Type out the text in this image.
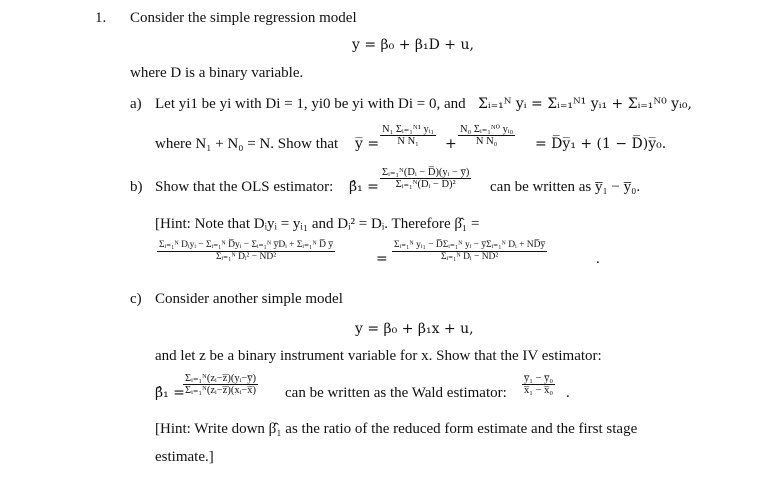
1. Consider the simple regression model
y = β₀ + β₁D + u,
where D is a binary variable.
a) Let yi1 be yi with Di = 1, yi0 be yi with Di = 0, and Σᵢ₌₁ᴺ yᵢ = Σᵢ₌₁ᴺ¹ yᵢ₁ + Σᵢ₌₁ᴺ⁰ yᵢ₀,
where N₁ + N₀ = N. Show that y̅ = $\frac{\text{N₁ Σᵢ₌₁ᴺ¹ yᵢ₁}}{\text{N N₁}} + \frac{\text{N₀ Σᵢ₌₁ᴺ⁰ yᵢ₀}}{\text{N N₀}}$ = D̅y̅₁ + (1 − D̅)y̅₀.
b) Show that the OLS estimator: β̂₁ = $\frac{\text{Σᵢ₌₁ᴺ(Dᵢ − D̅)(yᵢ − y̅)}}{\text{Σᵢ₌₁ᴺ(Dᵢ − D̅)²}}$ can be written as y̅₁ − y̅₀.
[Hint: Note that Dᵢyᵢ = yᵢ₁ and Dᵢ² = Dᵢ. Therefore β̂₁ =
$\frac{\text{Σᵢ₌₁ᴺ Dᵢyᵢ − Σᵢ₌₁ᴺ D̅yᵢ − Σᵢ₌₁ᴺ y̅Dᵢ + Σᵢ₌₁ᴺ D̅ y̅}}{\text{Σᵢ₌₁ᴺ Dᵢ² − ND̅²}}$	= $\frac{\text{Σᵢ₌₁ᴺ yᵢ₁ − D̅Σᵢ₌₁ᴺ yᵢ − y̅Σᵢ₌₁ᴺ Dᵢ + ND̅y̅}}{\text{Σᵢ₌₁ᴺ Dᵢ − ND̅²}}$	.
c) Consider another simple model
y = β₀ + β₁x + u,
and let z be a binary instrument variable for x. Show that the IV estimator:
β̂₁ =
$\frac{\text{Σᵢ₌₁ᴺ(zᵢ−z̅)(yᵢ−y̅)}}{\text{Σᵢ₌₁ᴺ(zᵢ−z̅)(xᵢ−x̅)}}$ can be written as the Wald estimator: $\frac{\text{y̅₁ − y̅₀}}{\text{x̅₁ − x̅₀}}$ .
[Hint: Write down β̂₁ as the ratio of the reduced form estimate and the first stage
estimate.]
